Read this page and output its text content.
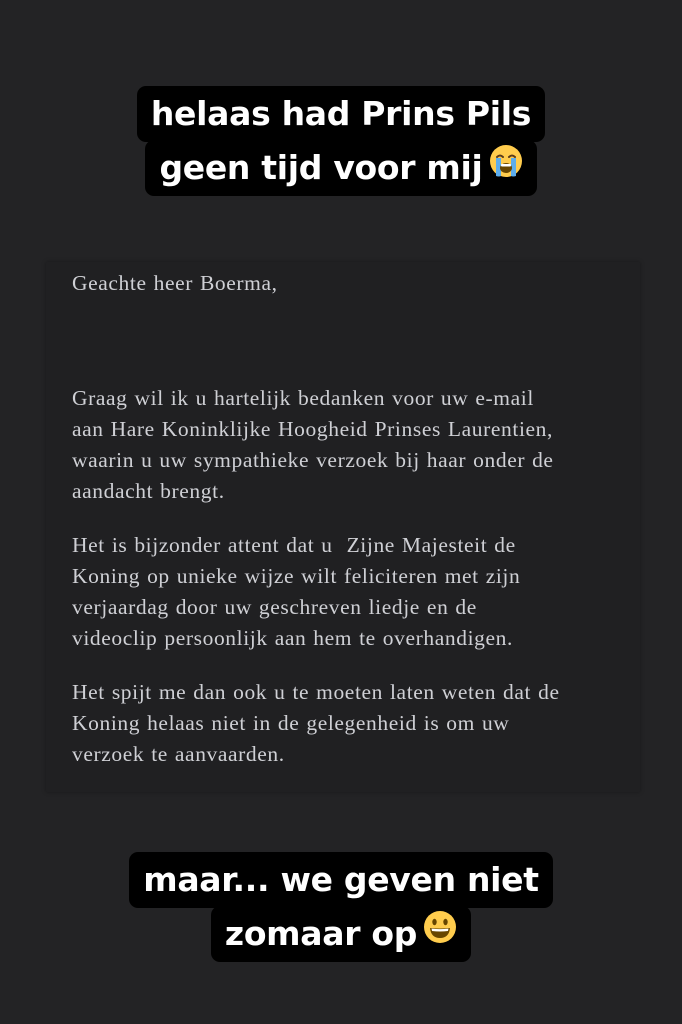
helaas had Prins Pils
geen tijd voor mij

Geachte heer Boerma,

Graag wil ik u hartelijk bedanken voor uw e-mail
aan Hare Koninklijke Hoogheid Prinses Laurentien,
waarin u uw sympathieke verzoek bij haar onder de
aandacht brengt.

Het is bijzonder attent dat u  Zijne Majesteit de
Koning op unieke wijze wilt feliciteren met zijn
verjaardag door uw geschreven liedje en de
videoclip persoonlijk aan hem te overhandigen.

Het spijt me dan ook u te moeten laten weten dat de
Koning helaas niet in de gelegenheid is om uw
verzoek te aanvaarden.

maar... we geven niet
zomaar op
